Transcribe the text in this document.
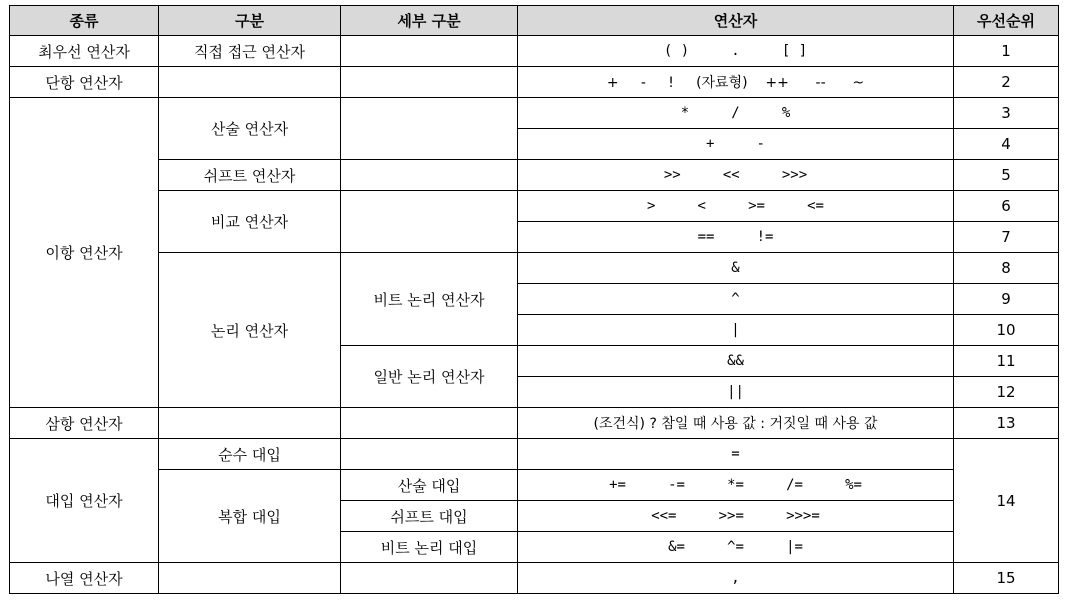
종류	구분	세부 구분	연산자	우선순위
최우선 연산자	직접 접근 연산자		( )     .     [ ]	1
단항 연산자			+     -     !     (자료형)    ++      --      ~	2
이항 연산자	산술 연산자		*     /     %	3
			+     -	4
	쉬프트 연산자		>>     <<     >>>	5
	비교 연산자		>     <     >=     <=	6
			==     !=	7
	논리 연산자	비트 논리 연산자	&	8
			^	9
			|	10
		일반 논리 연산자	&&	11
			||	12
삼항 연산자			(조건식) ? 참일 때 사용 값 : 거짓일 때 사용 값	13
대입 연산자	순수 대입		=	14
	복합 대입	산술 대입	+=     -=     *=     /=     %=	
		쉬프트 대입	<<=     >>=     >>>=	
		비트 논리 대입	&=     ^=     |=	
나열 연산자			,	15
